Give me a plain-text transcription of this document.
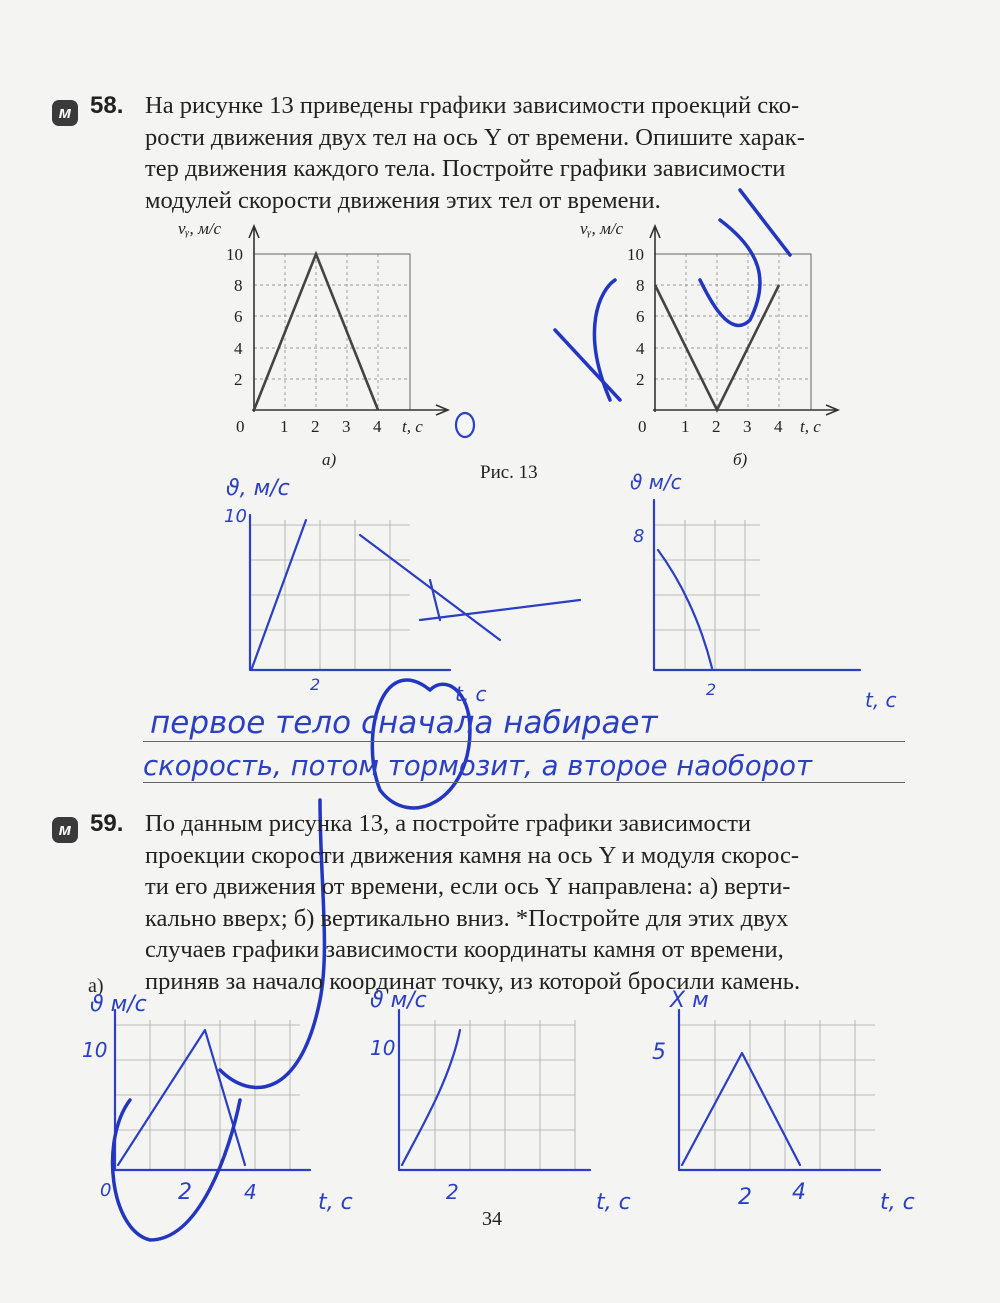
м 58. На рисунке 13 приведены графики зависимости проекций ско-
рости движения двух тел на ось Y от времени. Опишите харак-
тер движения каждого тела. Постройте графики зависимости
модулей скорости движения этих тел от времени.
vᵧ, м/с
10
8
6
4
2
0 1 2 3 4 t, с
а)
vᵧ, м/с
10
8
6
4
2
0 1 2 3 4 t, с
б)
Рис. 13
ϑ, м/с
10
2	t, c
ϑ м/с
8
2	t, c
первое тело сначала набирает
скорость, потом тормозит, а второе наоборот
м 59. По данным рисунка 13, а постройте графики зависимости
проекции скорости движения камня на ось Y и модуля скорос-
ти его движения от времени, если ось Y направлена: а) верти-
кально вверх; б) вертикально вниз. *Постройте для этих двух
случаев графики зависимости координаты камня от времени,
приняв за начало координат точку, из которой бросили камень.
а)
ϑ м/с
10
0	2	4	t, c
ϑ м/с
10
2	t, c
X м
5
2 4	t, c
34
